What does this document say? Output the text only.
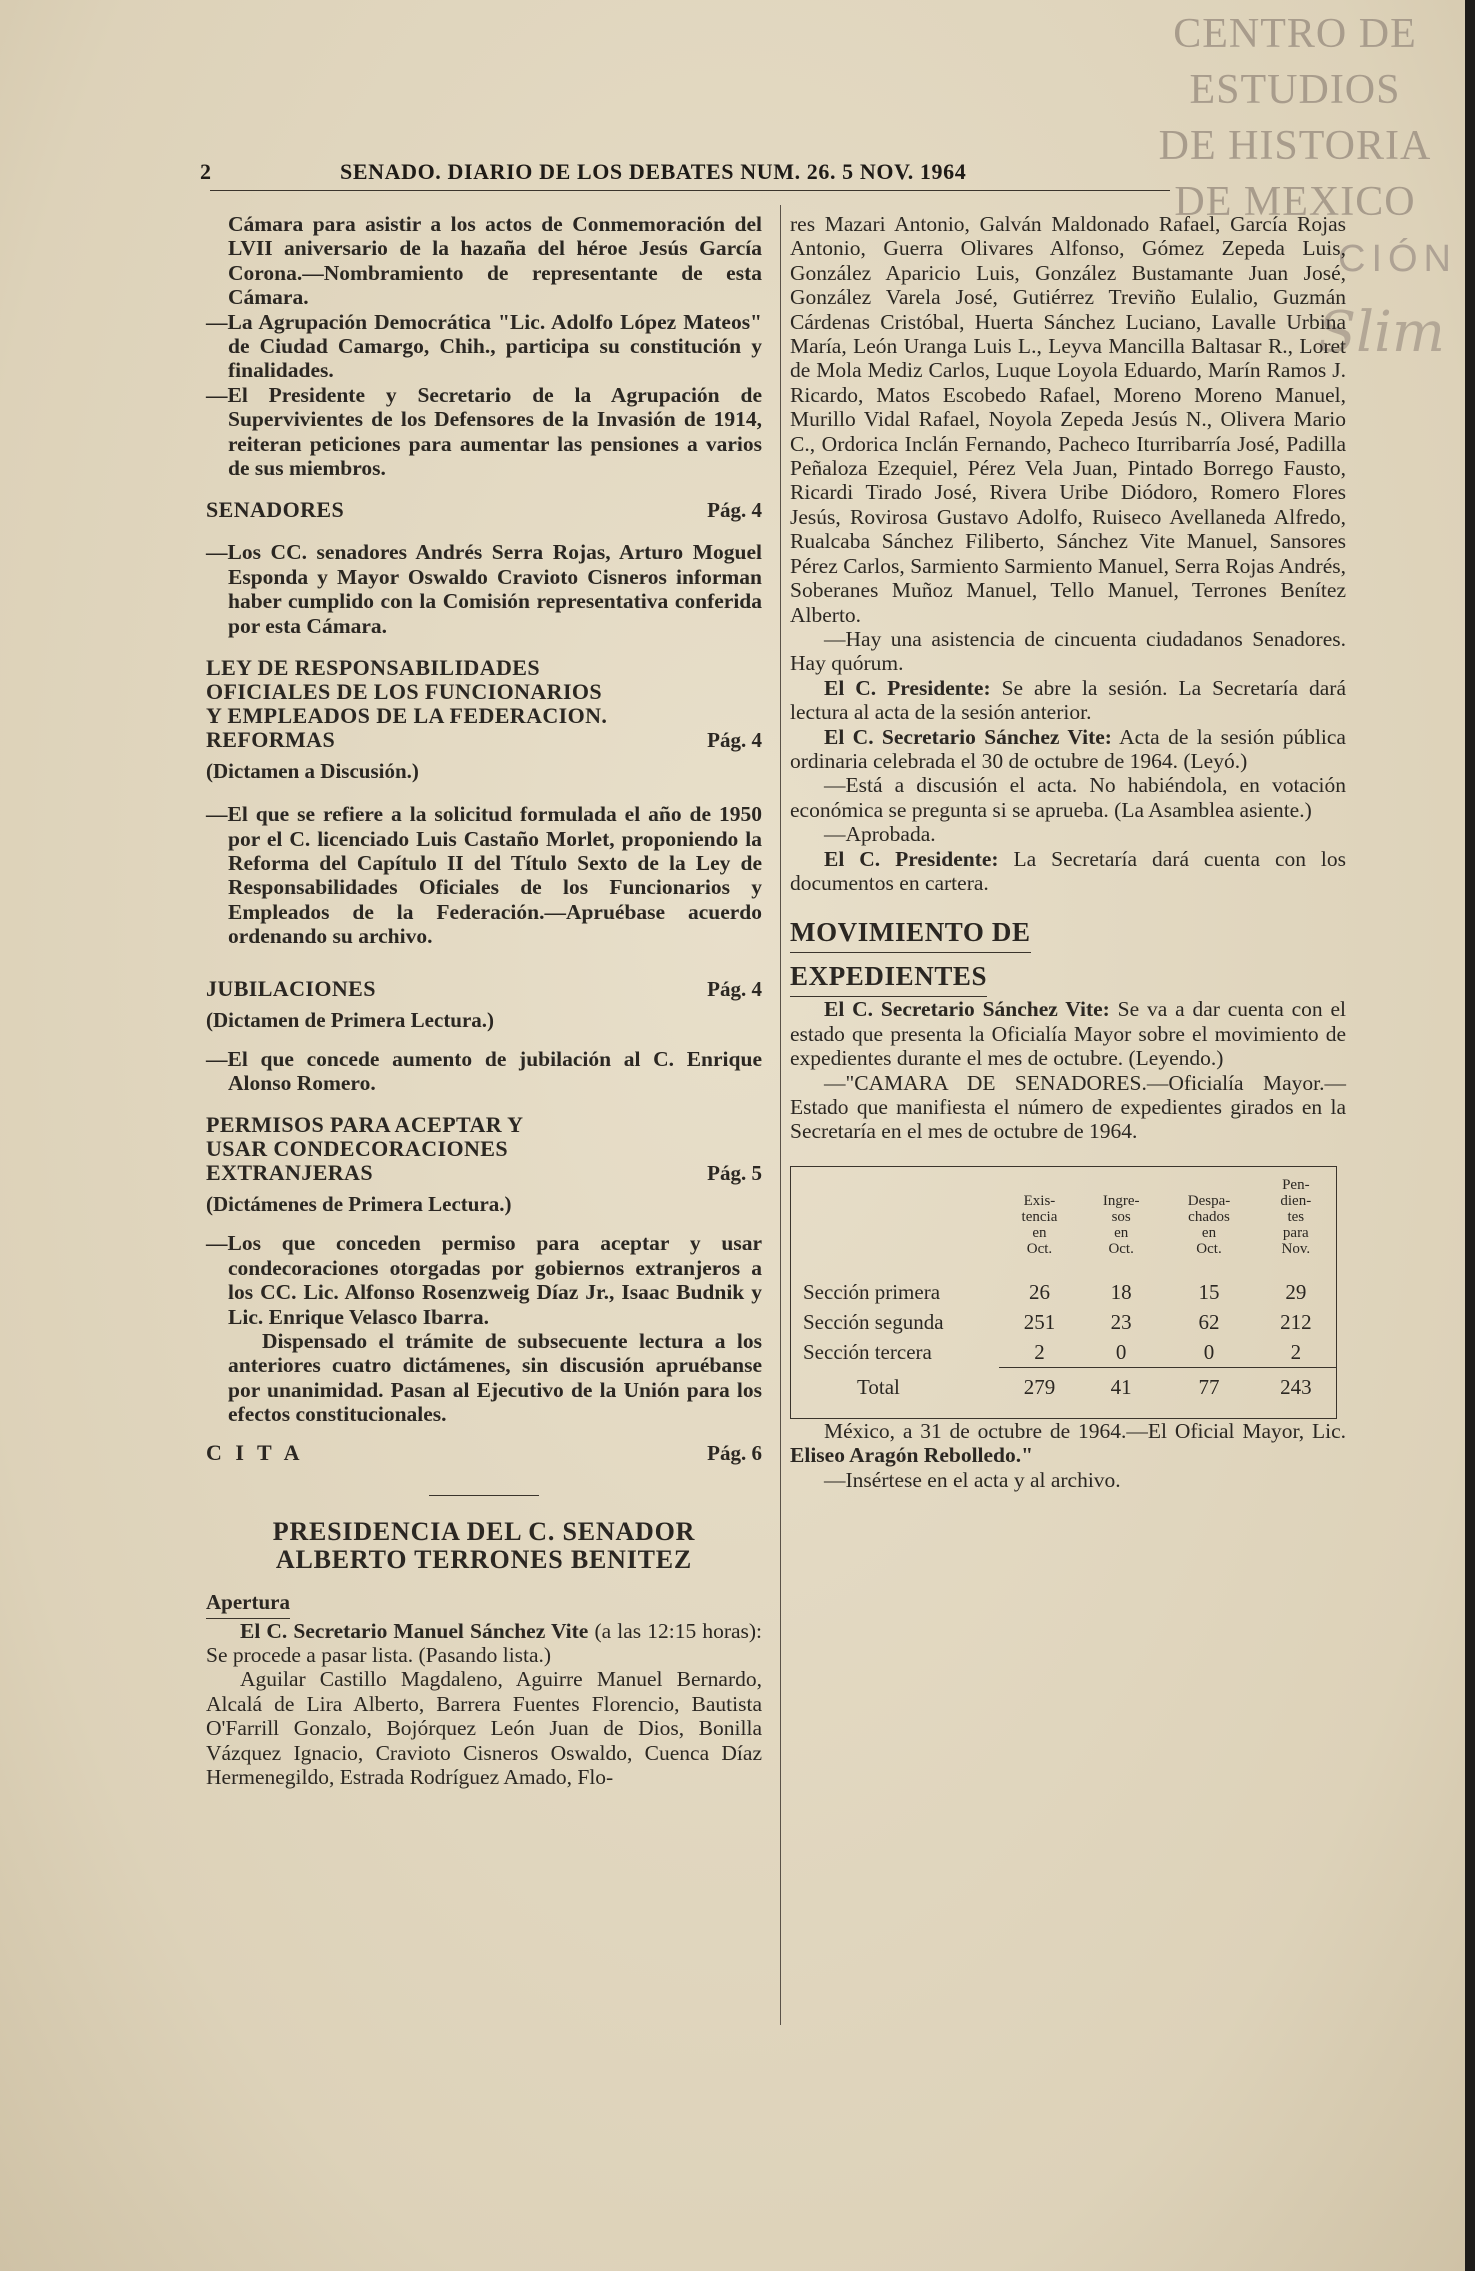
CENTRO DE
ESTUDIOS
DE HISTORIA
DE MEXICO
CIÓN
Slim
2	SENADO. DIARIO DE LOS DEBATES NUM. 26. 5 NOV. 1964

Cámara para asistir a los actos de Conmemoración del LVII aniversario de la hazaña del héroe Jesús García Corona.—Nombramiento de representante de esta Cámara.

—La Agrupación Democrática "Lic. Adolfo López Mateos" de Ciudad Camargo, Chih., participa su constitución y finalidades.

—El Presidente y Secretario de la Agrupación de Supervivientes de los Defensores de la Invasión de 1914, reiteran peticiones para aumentar las pensiones a varios de sus miembros.

SENADORES	Pág. 4

—Los CC. senadores Andrés Serra Rojas, Arturo Moguel Esponda y Mayor Oswaldo Cravioto Cisneros informan haber cumplido con la Comisión representativa conferida por esta Cámara.

LEY DE RESPONSABILIDADES
OFICIALES DE LOS FUNCIONARIOS
Y EMPLEADOS DE LA FEDERACION.
REFORMAS	Pág. 4
(Dictamen a Discusión.)

—El que se refiere a la solicitud formulada el año de 1950 por el C. licenciado Luis Castaño Morlet, proponiendo la Reforma del Capítulo II del Título Sexto de la Ley de Responsabilidades Oficiales de los Funcionarios y Empleados de la Federación.—Apruébase acuerdo ordenando su archivo.

JUBILACIONES	Pág. 4
(Dictamen de Primera Lectura.)

—El que concede aumento de jubilación al C. Enrique Alonso Romero.

PERMISOS PARA ACEPTAR Y
USAR CONDECORACIONES
EXTRANJERAS	Pág. 5
(Dictámenes de Primera Lectura.)

—Los que conceden permiso para aceptar y usar condecoraciones otorgadas por gobiernos extranjeros a los CC. Lic. Alfonso Rosenzweig Díaz Jr., Isaac Budnik y Lic. Enrique Velasco Ibarra.

Dispensado el trámite de subsecuente lectura a los anteriores cuatro dictámenes, sin discusión apruébanse por unanimidad. Pasan al Ejecutivo de la Unión para los efectos constitucionales.

C I T A	Pág. 6
PRESIDENCIA DEL C. SENADOR
ALBERTO TERRONES BENITEZ
Apertura

El C. Secretario Manuel Sánchez Vite (a las 12:15 horas): Se procede a pasar lista. (Pasando lista.)

Aguilar Castillo Magdaleno, Aguirre Manuel Bernardo, Alcalá de Lira Alberto, Barrera Fuentes Florencio, Bautista O'Farrill Gonzalo, Bojórquez León Juan de Dios, Bonilla Vázquez Ignacio, Cravioto Cisneros Oswaldo, Cuenca Díaz Hermenegildo, Estrada Rodríguez Amado, Flo-

res Mazari Antonio, Galván Maldonado Rafael, García Rojas Antonio, Guerra Olivares Alfonso, Gómez Zepeda Luis, González Aparicio Luis, González Bustamante Juan José, González Varela José, Gutiérrez Treviño Eulalio, Guzmán Cárdenas Cristóbal, Huerta Sánchez Luciano, Lavalle Urbina María, León Uranga Luis L., Leyva Mancilla Baltasar R., Loret de Mola Mediz Carlos, Luque Loyola Eduardo, Marín Ramos J. Ricardo, Matos Escobedo Rafael, Moreno Moreno Manuel, Murillo Vidal Rafael, Noyola Zepeda Jesús N., Olivera Mario C., Ordorica Inclán Fernando, Pacheco Iturribarría José, Padilla Peñaloza Ezequiel, Pérez Vela Juan, Pintado Borrego Fausto, Ricardi Tirado José, Rivera Uribe Diódoro, Romero Flores Jesús, Rovirosa Gustavo Adolfo, Ruiseco Avellaneda Alfredo, Rualcaba Sánchez Filiberto, Sánchez Vite Manuel, Sansores Pérez Carlos, Sarmiento Sarmiento Manuel, Serra Rojas Andrés, Soberanes Muñoz Manuel, Tello Manuel, Terrones Benítez Alberto.

—Hay una asistencia de cincuenta ciudadanos Senadores. Hay quórum.

El C. Presidente: Se abre la sesión. La Secretaría dará lectura al acta de la sesión anterior.

El C. Secretario Sánchez Vite: Acta de la sesión pública ordinaria celebrada el 30 de octubre de 1964. (Leyó.)

—Está a discusión el acta. No habiéndola, en votación económica se pregunta si se aprueba. (La Asamblea asiente.)

—Aprobada.

El C. Presidente: La Secretaría dará cuenta con los documentos en cartera.

MOVIMIENTO DE
EXPEDIENTES

El C. Secretario Sánchez Vite: Se va a dar cuenta con el estado que presenta la Oficialía Mayor sobre el movimiento de expedientes durante el mes de octubre. (Leyendo.)

—"CAMARA DE SENADORES.—Oficialía Mayor.—Estado que manifiesta el número de expedientes girados en la Secretaría en el mes de octubre de 1964.

	Exis-
tencia
en
Oct.	Ingre-
sos
en
Oct.	Despa-
chados
en
Oct.	Pen-
dien-
tes
para
Nov.
Sección primera	26	18	15	29
Sección segunda	251	23	62	212
Sección tercera	2	0	0	2
Total	279	41	77	243

México, a 31 de octubre de 1964.—El Oficial Mayor, Lic. Eliseo Aragón Rebolledo."

—Insértese en el acta y al archivo.
